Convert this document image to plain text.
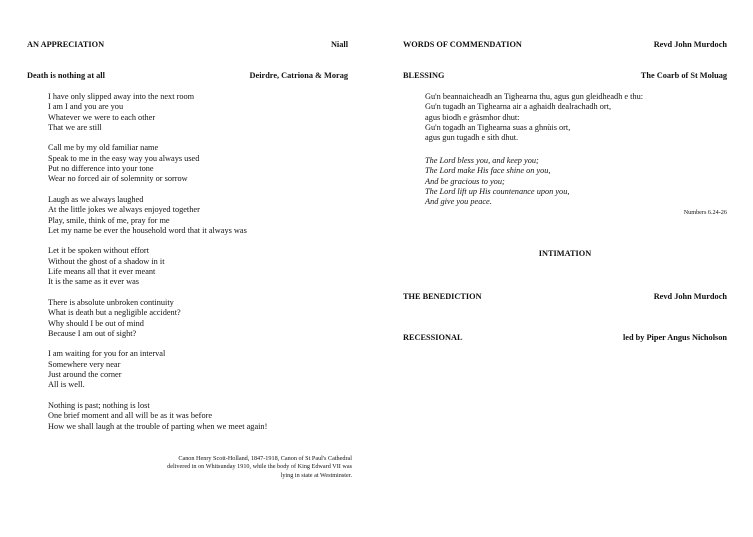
AN APPRECIATION	Niall
Death is nothing at all	Deirdre, Catriona & Morag
I have only slipped away into the next room
I am I and you are you
Whatever we were to each other
That we are still
Call me by my old familiar name
Speak to me in the easy way you always used
Put no difference into your tone
Wear no forced air of solemnity or sorrow
Laugh as we always laughed
At the little jokes we always enjoyed together
Play, smile, think of me, pray for me
Let my name be ever the household word that it always was
Let it be spoken without effort
Without the ghost of a shadow in it
Life means all that it ever meant
It is the same as it ever was
There is absolute unbroken continuity
What is death but a negligible accident?
Why should I be out of mind
Because I am out of sight?
I am waiting for you for an interval
Somewhere very near
Just around the corner
All is well.
Nothing is past; nothing is lost
One brief moment and all will be as it was before
How we shall laugh at the trouble of parting when we meet again!
Canon Henry Scott-Holland, 1847-1918, Canon of St Paul's Cathedral
delivered in on Whitsunday 1910, while the body of King Edward VII was
lying in state at Westminster.
WORDS OF COMMENDATION	Revd John Murdoch
BLESSING	The Coarb of St Moluag
Gu'n beannaicheadh an Tighearna thu, agus gun gleidheadh e thu:
Gu'n tugadh an Tighearna air a aghaidh dealrachadh ort,
agus biodh e gràsmhor dhut:
Gu'n togadh an Tighearna suas a ghnùis ort,
agus gun tugadh e sìth dhut.
The Lord bless you, and keep you;
The Lord make His face shine on you,
And be gracious to you;
The Lord lift up His countenance upon you,
And give you peace.
Numbers 6.24-26
INTIMATION
THE BENEDICTION	Revd John Murdoch
RECESSIONAL	led by Piper Angus Nicholson
